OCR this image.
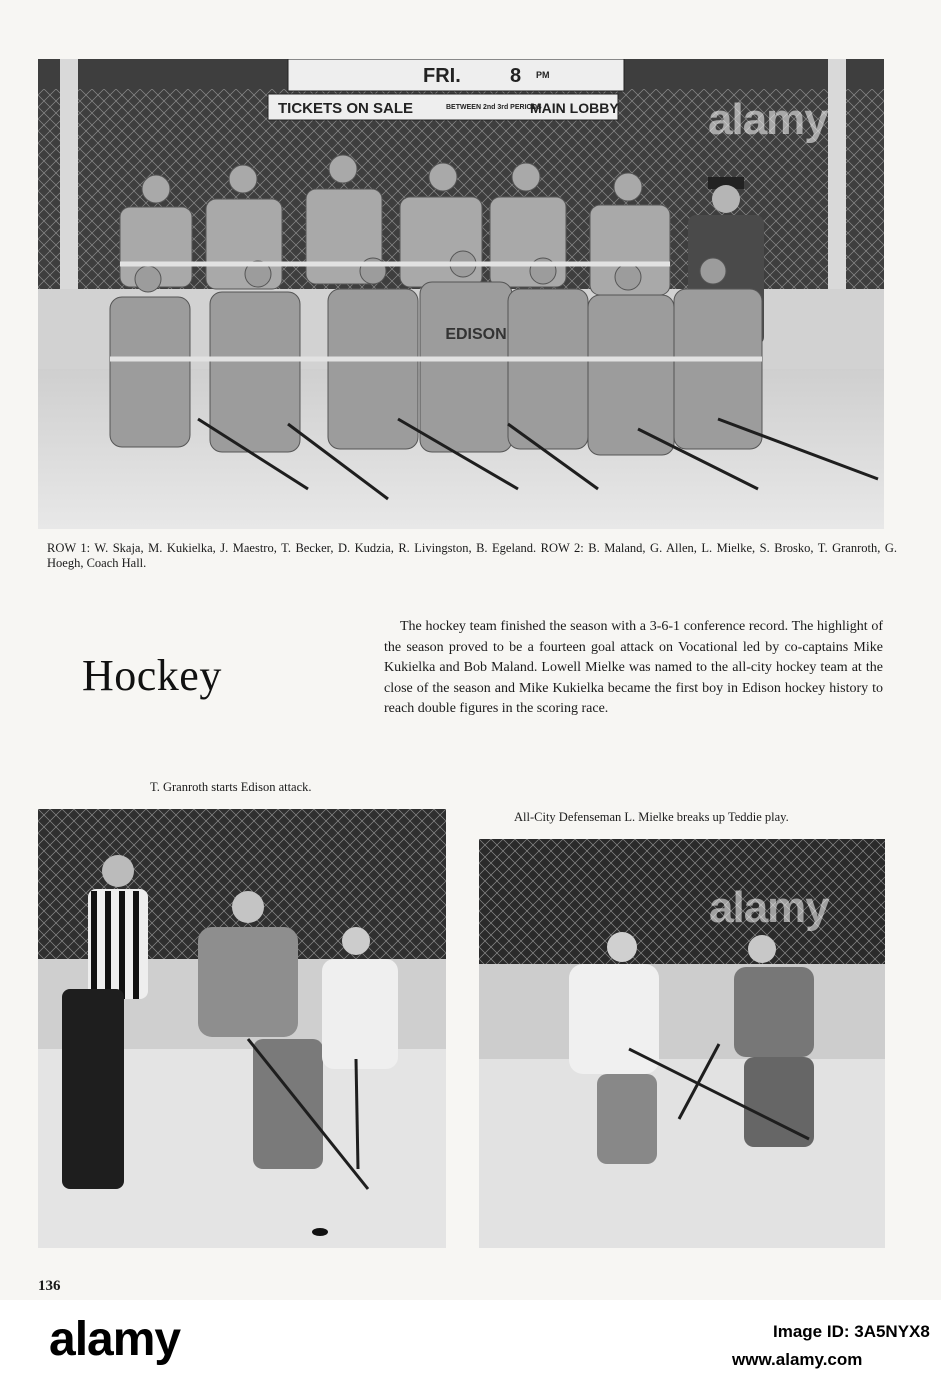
FRI. 8 PM
TICKETS ON SALE	BETWEEN 2nd 3rd PERIODS
MAIN LOBBY
EDISON
alamy
ROW 1: W. Skaja, M. Kukielka, J. Maestro, T. Becker, D. Kudzia, R. Livingston, B. Egeland. ROW 2: B. Maland, G. Allen, L. Mielke, S. Brosko, T. Granroth, G. Hoegh, Coach Hall.
Hockey
The hockey team finished the season with a 3-6-1 conference record. The highlight of the season proved to be a fourteen goal attack on Vocational led by co-captains Mike Kukielka and Bob Maland. Lowell Mielke was named to the all-city hockey team at the close of the season and Mike Kukielka became the first boy in Edison hockey history to reach double figures in the scoring race.
T. Granroth starts Edison attack.
All-City Defenseman L. Mielke breaks up Teddie play.
alamy
136
alamy	Image ID: 3A5NYX8
www.alamy.com
